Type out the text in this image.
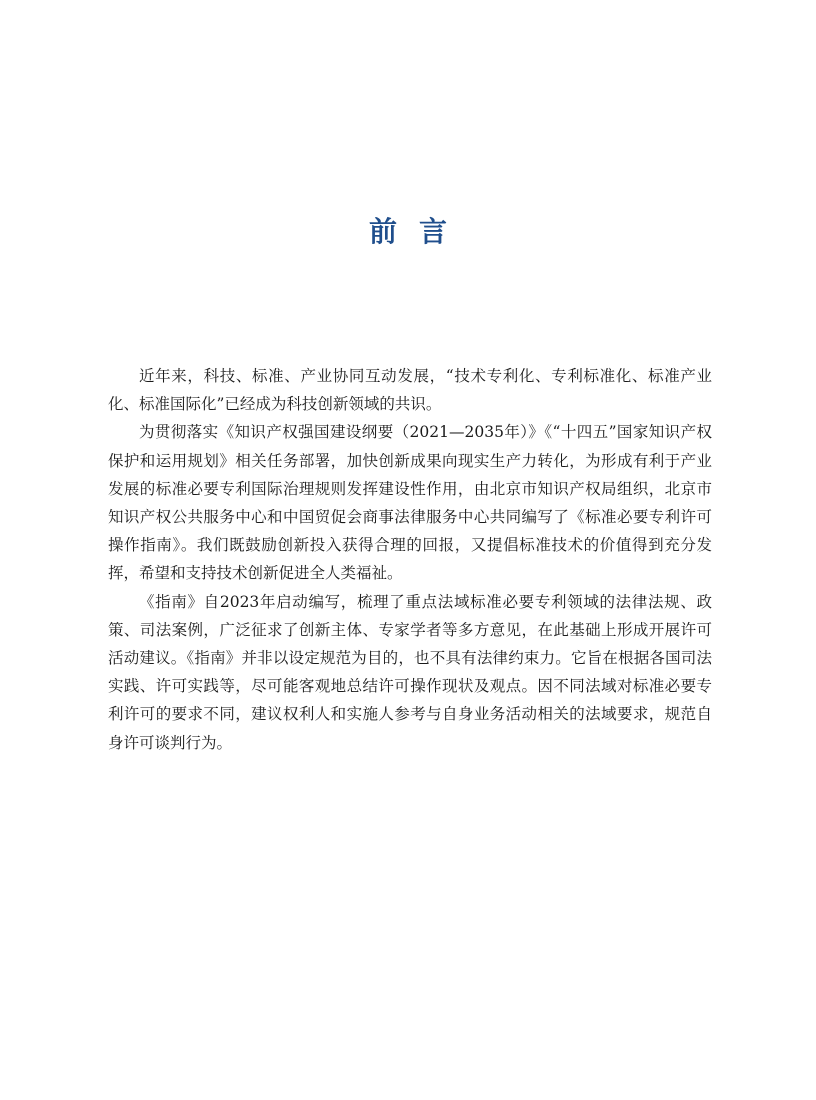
前言

近年来，科技、标准、产业协同互动发展，“技术专利化、专利标准化、标准产业化、标准国际化”已经成为科技创新领域的共识。

为贯彻落实《知识产权强国建设纲要（2021—2035年）》《“十四五”国家知识产权保护和运用规划》相关任务部署，加快创新成果向现实生产力转化，为形成有利于产业发展的标准必要专利国际治理规则发挥建设性作用，由北京市知识产权局组织，北京市知识产权公共服务中心和中国贸促会商事法律服务中心共同编写了《标准必要专利许可操作指南》。我们既鼓励创新投入获得合理的回报，又提倡标准技术的价值得到充分发挥，希望和支持技术创新促进全人类福祉。

《指南》自2023年启动编写，梳理了重点法域标准必要专利领域的法律法规、政策、司法案例，广泛征求了创新主体、专家学者等多方意见，在此基础上形成开展许可活动建议。《指南》并非以设定规范为目的，也不具有法律约束力。它旨在根据各国司法实践、许可实践等，尽可能客观地总结许可操作现状及观点。因不同法域对标准必要专利许可的要求不同，建议权利人和实施人参考与自身业务活动相关的法域要求，规范自身许可谈判行为。
